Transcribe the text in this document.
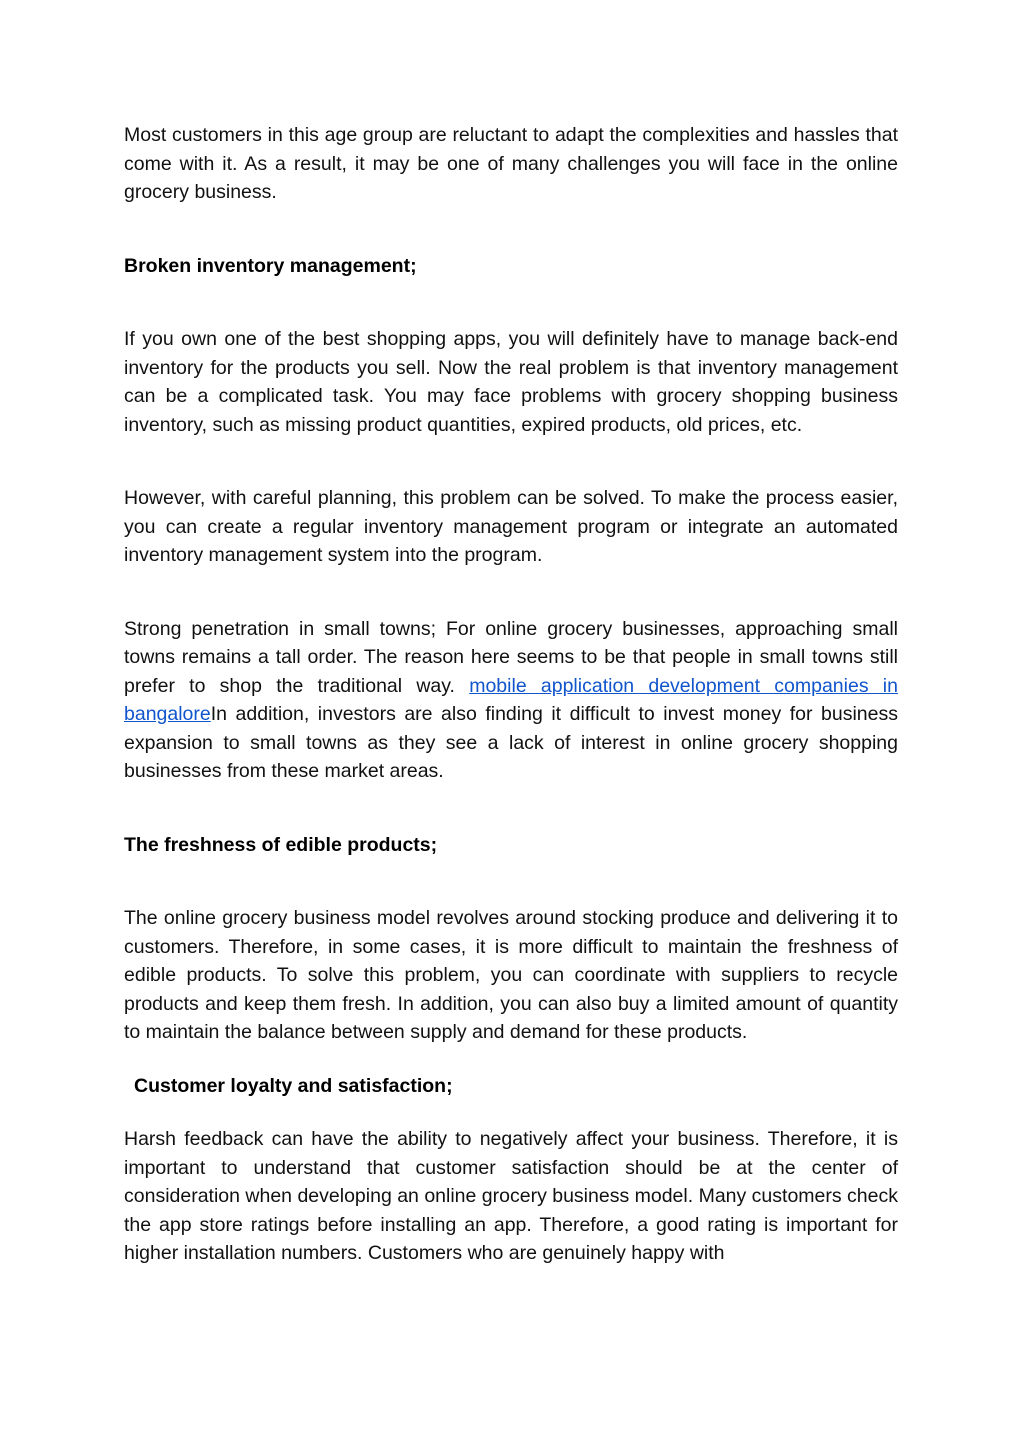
Most customers in this age group are reluctant to adapt the complexities and hassles that come with it. As a result, it may be one of many challenges you will face in the online grocery business.

Broken inventory management;

If you own one of the best shopping apps, you will definitely have to manage back-end inventory for the products you sell. Now the real problem is that inventory management can be a complicated task. You may face problems with grocery shopping business inventory, such as missing product quantities, expired products, old prices, etc.

However, with careful planning, this problem can be solved. To make the process easier, you can create a regular inventory management program or integrate an automated inventory management system into the program.

Strong penetration in small towns; For online grocery businesses, approaching small towns remains a tall order. The reason here seems to be that people in small towns still prefer to shop the traditional way. mobile application development companies in bangaloreIn addition, investors are also finding it difficult to invest money for business expansion to small towns as they see a lack of interest in online grocery shopping businesses from these market areas.

The freshness of edible products;

The online grocery business model revolves around stocking produce and delivering it to customers. Therefore, in some cases, it is more difficult to maintain the freshness of edible products. To solve this problem, you can coordinate with suppliers to recycle products and keep them fresh. In addition, you can also buy a limited amount of quantity to maintain the balance between supply and demand for these products.

Customer loyalty and satisfaction;

Harsh feedback can have the ability to negatively affect your business. Therefore, it is important to understand that customer satisfaction should be at the center of consideration when developing an online grocery business model. Many customers check the app store ratings before installing an app. Therefore, a good rating is important for higher installation numbers. Customers who are genuinely happy with
